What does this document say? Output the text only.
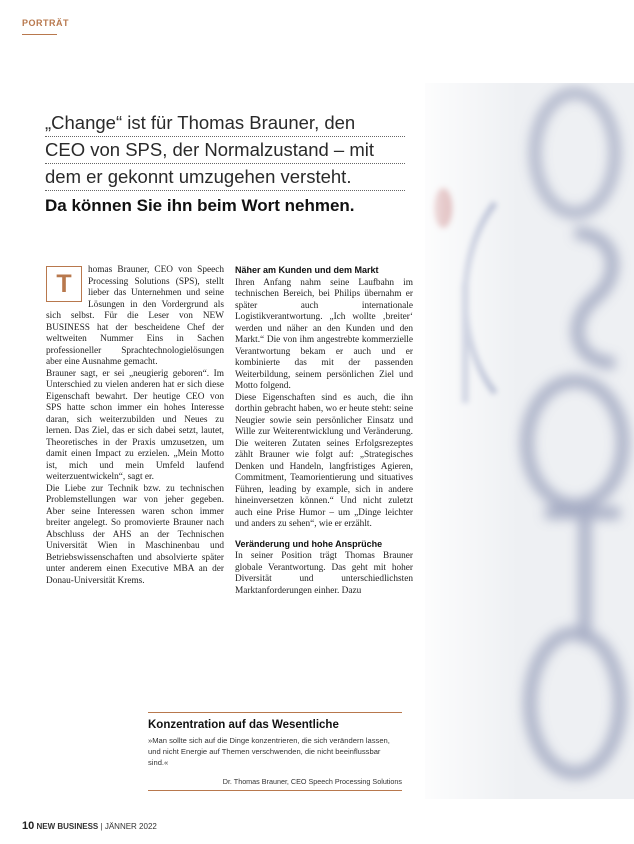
PORTRÄT
„Change“ ist für Thomas Brauner, den
CEO von SPS, der Normalzustand – mit
dem er gekonnt umzugehen versteht.
Da können Sie ihn beim Wort nehmen.
T	homas Brauner, CEO von Speech Processing Solutions (SPS), stellt lieber das Unternehmen und seine Lösungen in den Vordergrund als sich selbst. Für die Leser von NEW BUSINESS hat der bescheidene Chef der weltweiten Nummer Eins in Sachen professioneller Sprachtechnologielösungen aber eine Ausnahme gemacht.

Brauner sagt, er sei „neugierig geboren“. Im Unterschied zu vielen anderen hat er sich diese Eigenschaft bewahrt. Der heutige CEO von SPS hatte schon immer ein hohes Interesse daran, sich weiterzubilden und Neues zu lernen. Das Ziel, das er sich dabei setzt, lautet, Theoretisches in der Praxis umzusetzen, um damit einen Impact zu erzielen. „Mein Motto ist, mich und mein Umfeld laufend weiterzuentwickeln“, sagt er.

Die Liebe zur Technik bzw. zu technischen Problemstellungen war von jeher gegeben. Aber seine Interessen waren schon immer breiter angelegt. So promovierte Brauner nach Abschluss der AHS an der Technischen Universität Wien in Maschinenbau und Betriebswissenschaften und absolvierte später unter anderem einen Executive MBA an der Donau-Universität Krems.

Näher am Kunden und dem Markt

Ihren Anfang nahm seine Laufbahn im technischen Bereich, bei Philips übernahm er später auch internationale Logistikverantwortung. „Ich wollte ‚breiter‘ werden und näher an den Kunden und den Markt.“ Die von ihm angestrebte kommerzielle Verantwortung bekam er auch und er kombinierte das mit der passenden Weiterbildung, seinem persönlichen Ziel und Motto folgend.

Diese Eigenschaften sind es auch, die ihn dorthin gebracht haben, wo er heute steht: seine Neugier sowie sein persönlicher Einsatz und Wille zur Weiterentwicklung und Veränderung. Die weiteren Zutaten seines Erfolgsrezeptes zählt Brauner wie folgt auf: „Strategisches Denken und Handeln, langfristiges Agieren, Commitment, Teamorientierung und situatives Führen, leading by example, sich in andere hineinversetzen können.“ Und nicht zuletzt auch eine Prise Humor – um „Dinge leichter und anders zu sehen“, wie er erzählt.

Veränderung und hohe Ansprüche

In seiner Position trägt Thomas Brauner globale Verantwortung. Das geht mit hoher Diversität und unterschiedlichsten Marktanforderungen einher. Dazu

Konzentration auf das Wesentliche
»Man sollte sich auf die Dinge konzentrieren, die sich verändern lassen, und nicht Energie auf Themen verschwenden, die nicht beeinflussbar sind.«
Dr. Thomas Brauner, CEO Speech Processing Solutions
10 NEW BUSINESS | JÄNNER 2022
